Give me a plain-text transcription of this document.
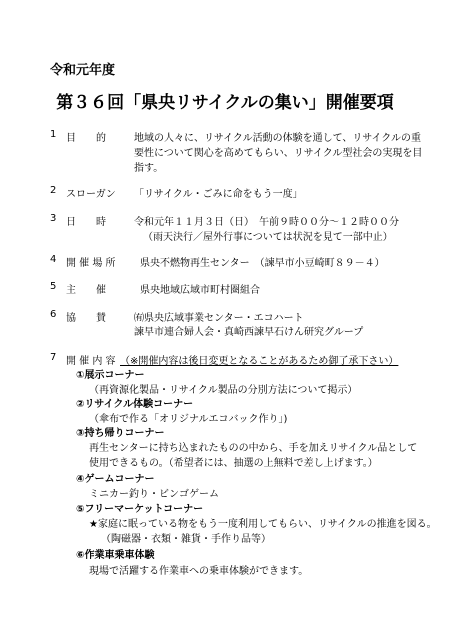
令和元年度
第３６回「県央リサイクルの集い」開催要項
1 目　　的	地域の人々に、リサイクル活動の体験を通して、リサイクルの重
要性について関心を高めてもらい、リサイクル型社会の実現を目
指す。
2 スローガン 「リサイクル・ごみに命をもう一度」
3 日　　時	令和元年１１月３日（日）　午前９時００分～１２時００分
（雨天決行／屋外行事については状況を見て一部中止）
4 開 催 場 所 県央不燃物再生センター　（諫早市小豆崎町８９－４）
5 主　　催	県央地域広域市町村圏組合
6 協　　賛	㈲県央広域事業センター・エコハート
諫早市連合婦人会・真崎西諫早石けん研究グループ
7 開 催 内 容 （※開催内容は後日変更となることがあるため御了承下さい）
①展示コーナー
（再資源化製品・リサイクル製品の分別方法について掲示）
②リサイクル体験コーナー
（傘布で作る「オリジナルエコバック作り」)
③持ち帰りコーナー
再生センターに持ち込まれたものの中から、手を加えリサイクル品として
使用できるもの。（希望者には、抽選の上無料で差し上げます。）
④ゲームコーナー
ミニカー釣り・ビンゴゲーム
⑤フリーマーケットコーナー
★家庭に眠っている物をもう一度利用してもらい、リサイクルの推進を図る。
（陶磁器・衣類・雑貨・手作り品等）
⑥作業車乗車体験
現場で活躍する作業車への乗車体験ができます。
